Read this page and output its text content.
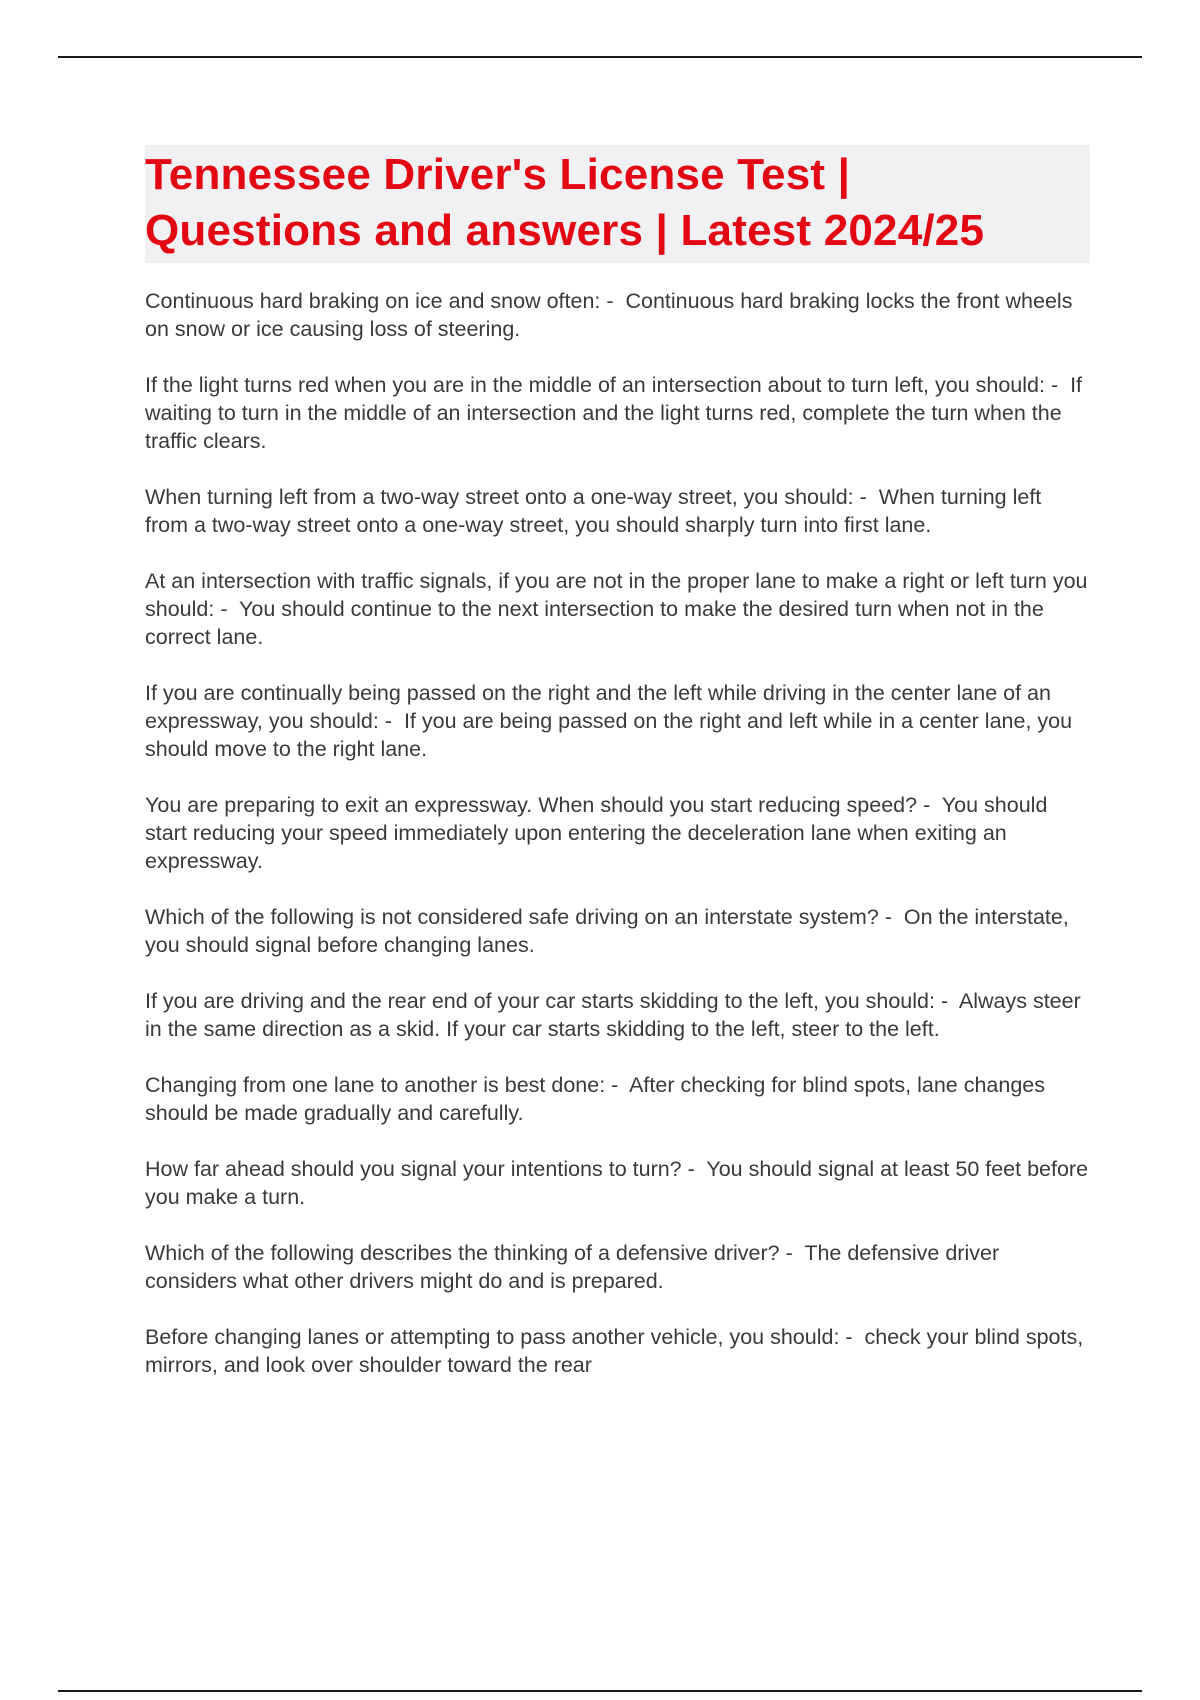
Tennessee Driver's License Test | Questions and answers | Latest 2024/25
Continuous hard braking on ice and snow often: -  Continuous hard braking locks the front wheels on snow or ice causing loss of steering.
If the light turns red when you are in the middle of an intersection about to turn left, you should: -  If waiting to turn in the middle of an intersection and the light turns red, complete the turn when the traffic clears.
When turning left from a two-way street onto a one-way street, you should: -  When turning left from a two-way street onto a one-way street, you should sharply turn into first lane.
At an intersection with traffic signals, if you are not in the proper lane to make a right or left turn you should: -  You should continue to the next intersection to make the desired turn when not in the correct lane.
If you are continually being passed on the right and the left while driving in the center lane of an expressway, you should: -  If you are being passed on the right and left while in a center lane, you should move to the right lane.
You are preparing to exit an expressway. When should you start reducing speed? -  You should start reducing your speed immediately upon entering the deceleration lane when exiting an expressway.
Which of the following is not considered safe driving on an interstate system? -  On the interstate, you should signal before changing lanes.
If you are driving and the rear end of your car starts skidding to the left, you should: -  Always steer in the same direction as a skid. If your car starts skidding to the left, steer to the left.
Changing from one lane to another is best done: -  After checking for blind spots, lane changes should be made gradually and carefully.
How far ahead should you signal your intentions to turn? -  You should signal at least 50 feet before you make a turn.
Which of the following describes the thinking of a defensive driver? -  The defensive driver considers what other drivers might do and is prepared.
Before changing lanes or attempting to pass another vehicle, you should: -  check your blind spots, mirrors, and look over shoulder toward the rear
